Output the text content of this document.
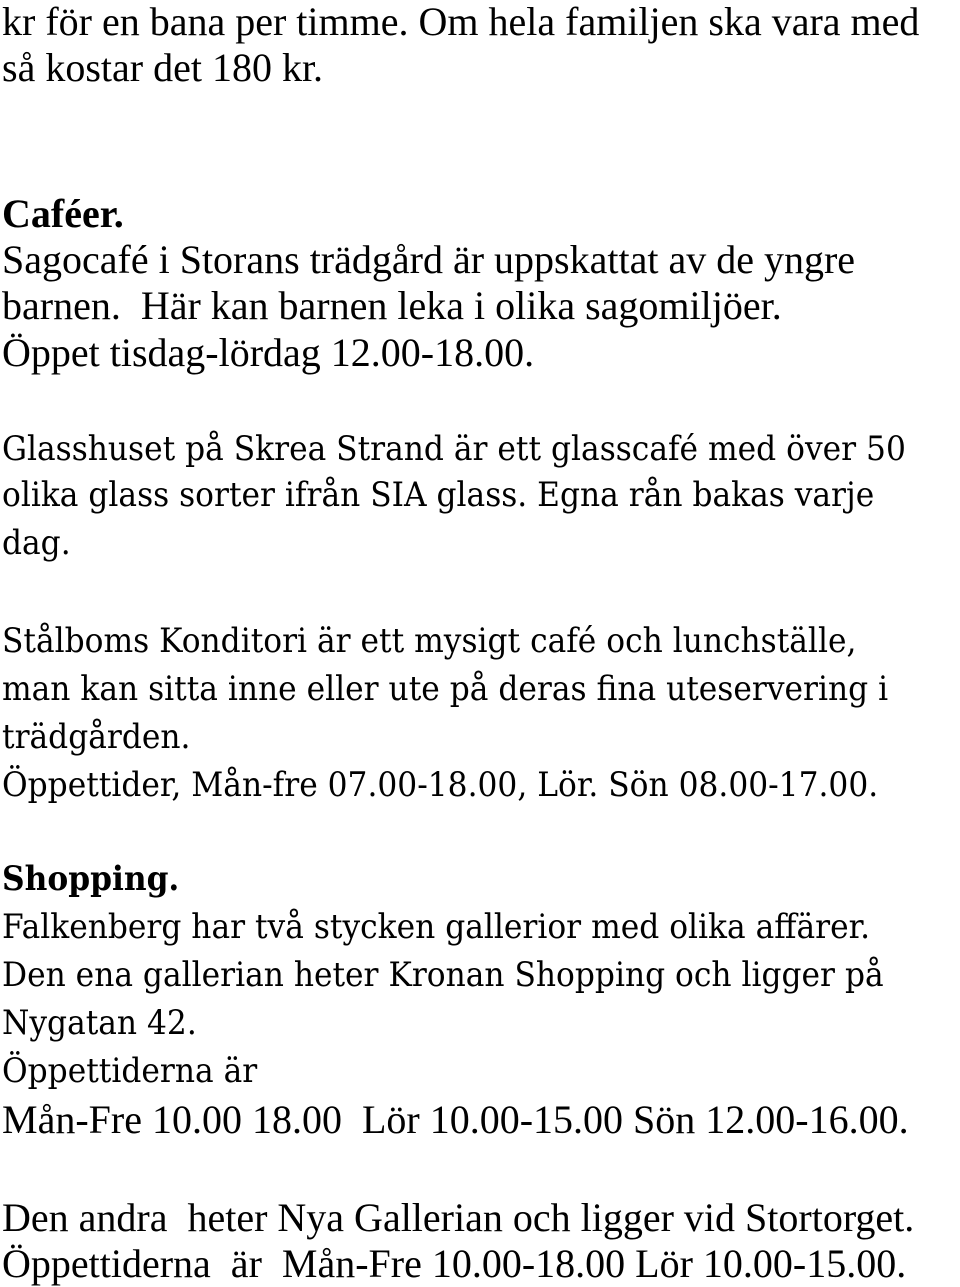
kr för en bana per timme. Om hela familjen ska vara med
så kostar det 180 kr.
Caféer.
Sagocafé i Storans trädgård är uppskattat av de yngre
barnen.  Här kan barnen leka i olika sagomiljöer.
Öppet tisdag-lördag 12.00-18.00.
Glasshuset på Skrea Strand är ett glasscafé med över 50
olika glass sorter ifrån SIA glass. Egna rån bakas varje
dag.
Stålboms Konditori är ett mysigt café och lunchställe,
man kan sitta inne eller ute på deras fina uteservering i
trädgården.
Öppettider, Mån-fre 07.00-18.00, Lör. Sön 08.00-17.00.
Shopping.
Falkenberg har två stycken gallerior med olika affärer.
Den ena gallerian heter Kronan Shopping och ligger på
Nygatan 42.
Öppettiderna är
Mån-Fre 10.00 18.00  Lör 10.00-15.00 Sön 12.00-16.00.
Den andra  heter Nya Gallerian och ligger vid Stortorget.
Öppettiderna  är  Mån-Fre 10.00-18.00 Lör 10.00-15.00.
